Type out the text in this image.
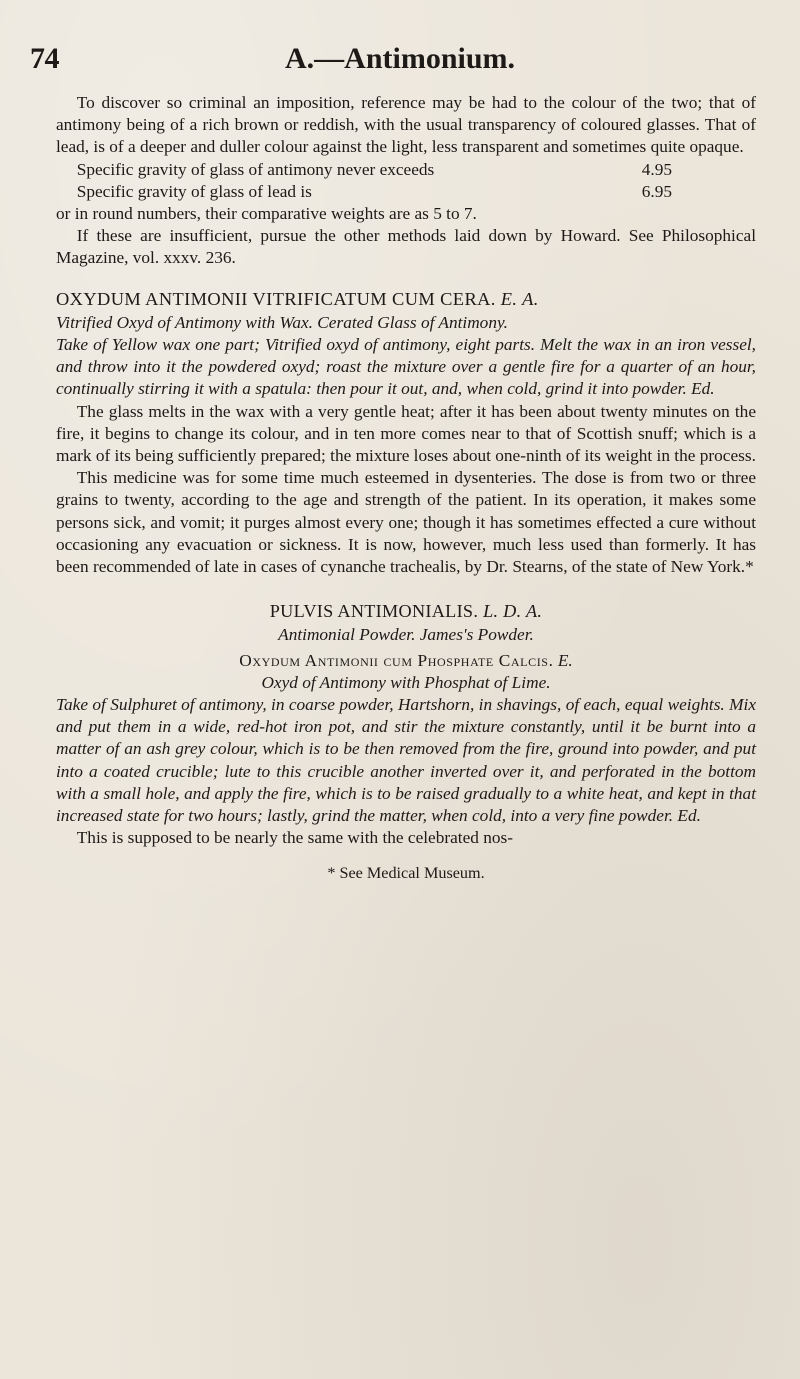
74	A.—Antimonium.

To discover so criminal an imposition, reference may be had to the colour of the two; that of antimony being of a rich brown or reddish, with the usual transparency of coloured glasses. That of lead, is of a deeper and duller colour against the light, less transparent and sometimes quite opaque.

Specific gravity of glass of antimony never exceeds	4.95
Specific gravity of glass of lead is	6.95

or in round numbers, their comparative weights are as 5 to 7.

If these are insufficient, pursue the other methods laid down by Howard. See Philosophical Magazine, vol. xxxv. 236.

OXYDUM ANTIMONII VITRIFICATUM CUM CERA. E. A.

Vitrified Oxyd of Antimony with Wax. Cerated Glass of Antimony.

Take of Yellow wax one part; Vitrified oxyd of antimony, eight parts. Melt the wax in an iron vessel, and throw into it the powdered oxyd; roast the mixture over a gentle fire for a quarter of an hour, continually stirring it with a spatula: then pour it out, and, when cold, grind it into powder. Ed.

The glass melts in the wax with a very gentle heat; after it has been about twenty minutes on the fire, it begins to change its colour, and in ten more comes near to that of Scottish snuff; which is a mark of its being sufficiently prepared; the mixture loses about one-ninth of its weight in the process.

This medicine was for some time much esteemed in dysenteries. The dose is from two or three grains to twenty, according to the age and strength of the patient. In its operation, it makes some persons sick, and vomit; it purges almost every one; though it has sometimes effected a cure without occasioning any evacuation or sickness. It is now, however, much less used than formerly. It has been recommended of late in cases of cynanche trachealis, by Dr. Stearns, of the state of New York.*

PULVIS ANTIMONIALIS. L. D. A.

Antimonial Powder. James's Powder.

Oxydum Antimonii cum Phosphate Calcis. E.

Oxyd of Antimony with Phosphat of Lime.

Take of Sulphuret of antimony, in coarse powder, Hartshorn, in shavings, of each, equal weights. Mix and put them in a wide, red-hot iron pot, and stir the mixture constantly, until it be burnt into a matter of an ash grey colour, which is to be then removed from the fire, ground into powder, and put into a coated crucible; lute to this crucible another inverted over it, and perforated in the bottom with a small hole, and apply the fire, which is to be raised gradually to a white heat, and kept in that increased state for two hours; lastly, grind the matter, when cold, into a very fine powder. Ed.

This is supposed to be nearly the same with the celebrated nos-

* See Medical Museum.
